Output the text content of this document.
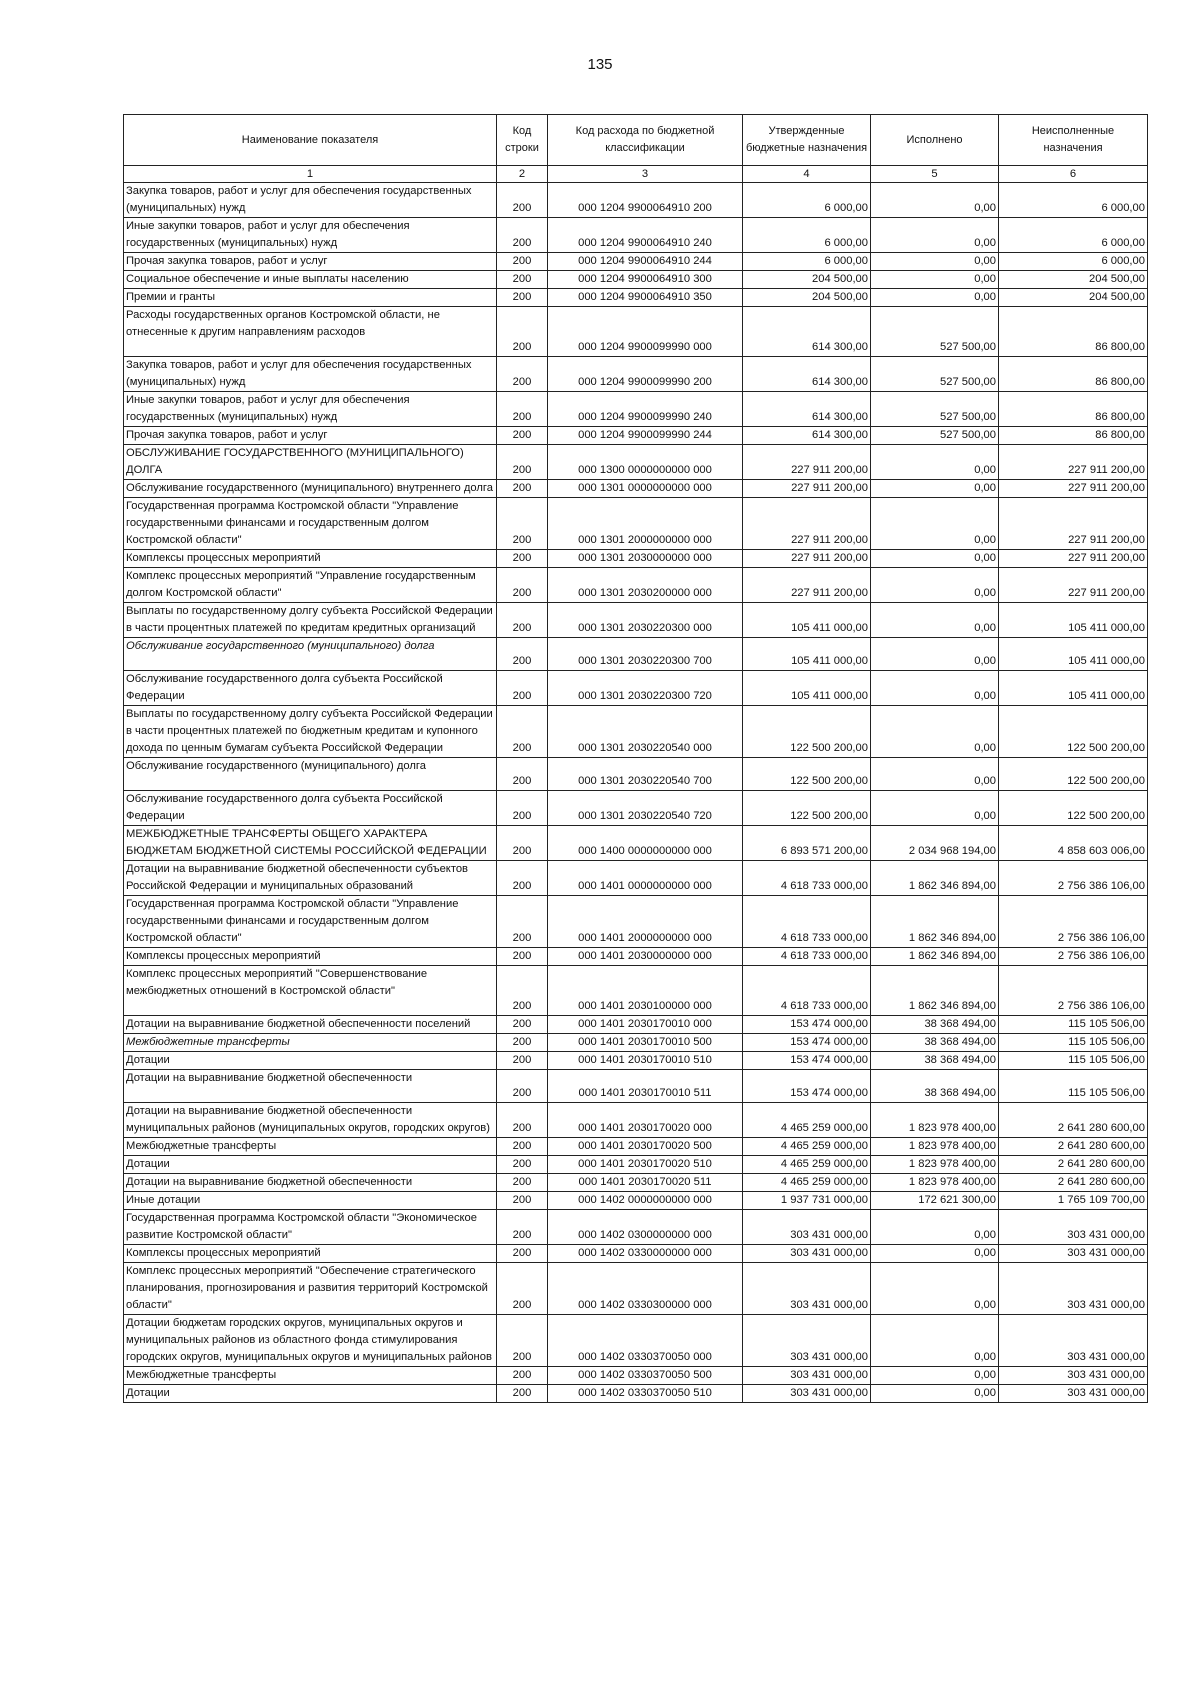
135
Наименование показателя	Код строки	Код расхода по бюджетной классификации	Утвержденные бюджетные назначения	Исполнено	Неисполненные назначения
1	2	3	4	5	6
Закупка товаров, работ и услуг для обеспечения государственных (муниципальных) нужд	200	000 1204 9900064910 200	6 000,00	0,00	6 000,00
Иные закупки товаров, работ и услуг для обеспечения государственных (муниципальных) нужд	200	000 1204 9900064910 240	6 000,00	0,00	6 000,00
Прочая закупка товаров, работ и услуг	200	000 1204 9900064910 244	6 000,00	0,00	6 000,00
Социальное обеспечение и иные выплаты населению	200	000 1204 9900064910 300	204 500,00	0,00	204 500,00
Премии и гранты	200	000 1204 9900064910 350	204 500,00	0,00	204 500,00
Расходы государственных органов Костромской области, не отнесенные к другим направлениям расходов	200	000 1204 9900099990 000	614 300,00	527 500,00	86 800,00
Закупка товаров, работ и услуг для обеспечения государственных (муниципальных) нужд	200	000 1204 9900099990 200	614 300,00	527 500,00	86 800,00
Иные закупки товаров, работ и услуг для обеспечения государственных (муниципальных) нужд	200	000 1204 9900099990 240	614 300,00	527 500,00	86 800,00
Прочая закупка товаров, работ и услуг	200	000 1204 9900099990 244	614 300,00	527 500,00	86 800,00
ОБСЛУЖИВАНИЕ ГОСУДАРСТВЕННОГО (МУНИЦИПАЛЬНОГО) ДОЛГА	200	000 1300 0000000000 000	227 911 200,00	0,00	227 911 200,00
Обслуживание государственного (муниципального) внутреннего долга	200	000 1301 0000000000 000	227 911 200,00	0,00	227 911 200,00
Государственная программа Костромской области "Управление государственными финансами и государственным долгом Костромской области"	200	000 1301 2000000000 000	227 911 200,00	0,00	227 911 200,00
Комплексы процессных мероприятий	200	000 1301 2030000000 000	227 911 200,00	0,00	227 911 200,00
Комплекс процессных мероприятий "Управление государственным долгом Костромской области"	200	000 1301 2030200000 000	227 911 200,00	0,00	227 911 200,00
Выплаты по государственному долгу субъекта Российской Федерации в части процентных платежей по кредитам кредитных организаций	200	000 1301 2030220300 000	105 411 000,00	0,00	105 411 000,00
Обслуживание государственного (муниципального) долга	200	000 1301 2030220300 700	105 411 000,00	0,00	105 411 000,00
Обслуживание государственного долга субъекта Российской Федерации	200	000 1301 2030220300 720	105 411 000,00	0,00	105 411 000,00
Выплаты по государственному долгу субъекта Российской Федерации в части процентных платежей по бюджетным кредитам и купонного дохода по ценным бумагам субъекта Российской Федерации	200	000 1301 2030220540 000	122 500 200,00	0,00	122 500 200,00
Обслуживание государственного (муниципального) долга	200	000 1301 2030220540 700	122 500 200,00	0,00	122 500 200,00
Обслуживание государственного долга субъекта Российской Федерации	200	000 1301 2030220540 720	122 500 200,00	0,00	122 500 200,00
МЕЖБЮДЖЕТНЫЕ ТРАНСФЕРТЫ ОБЩЕГО ХАРАКТЕРА БЮДЖЕТАМ БЮДЖЕТНОЙ СИСТЕМЫ РОССИЙСКОЙ ФЕДЕРАЦИИ	200	000 1400 0000000000 000	6 893 571 200,00	2 034 968 194,00	4 858 603 006,00
Дотации на выравнивание бюджетной обеспеченности субъектов Российской Федерации и муниципальных образований	200	000 1401 0000000000 000	4 618 733 000,00	1 862 346 894,00	2 756 386 106,00
Государственная программа Костромской области "Управление государственными финансами и государственным долгом Костромской области"	200	000 1401 2000000000 000	4 618 733 000,00	1 862 346 894,00	2 756 386 106,00
Комплексы процессных мероприятий	200	000 1401 2030000000 000	4 618 733 000,00	1 862 346 894,00	2 756 386 106,00
Комплекс процессных мероприятий "Совершенствование межбюджетных отношений в Костромской области"	200	000 1401 2030100000 000	4 618 733 000,00	1 862 346 894,00	2 756 386 106,00
Дотации на выравнивание бюджетной обеспеченности поселений	200	000 1401 2030170010 000	153 474 000,00	38 368 494,00	115 105 506,00
Межбюджетные трансферты	200	000 1401 2030170010 500	153 474 000,00	38 368 494,00	115 105 506,00
Дотации	200	000 1401 2030170010 510	153 474 000,00	38 368 494,00	115 105 506,00
Дотации на выравнивание бюджетной обеспеченности	200	000 1401 2030170010 511	153 474 000,00	38 368 494,00	115 105 506,00
Дотации на выравнивание бюджетной обеспеченности муниципальных районов (муниципальных округов, городских округов)	200	000 1401 2030170020 000	4 465 259 000,00	1 823 978 400,00	2 641 280 600,00
Межбюджетные трансферты	200	000 1401 2030170020 500	4 465 259 000,00	1 823 978 400,00	2 641 280 600,00
Дотации	200	000 1401 2030170020 510	4 465 259 000,00	1 823 978 400,00	2 641 280 600,00
Дотации на выравнивание бюджетной обеспеченности	200	000 1401 2030170020 511	4 465 259 000,00	1 823 978 400,00	2 641 280 600,00
Иные дотации	200	000 1402 0000000000 000	1 937 731 000,00	172 621 300,00	1 765 109 700,00
Государственная программа Костромской области "Экономическое развитие Костромской области"	200	000 1402 0300000000 000	303 431 000,00	0,00	303 431 000,00
Комплексы процессных мероприятий	200	000 1402 0330000000 000	303 431 000,00	0,00	303 431 000,00
Комплекс процессных мероприятий "Обеспечение стратегического планирования, прогнозирования и развития территорий Костромской области"	200	000 1402 0330300000 000	303 431 000,00	0,00	303 431 000,00
Дотации бюджетам городских округов, муниципальных округов и муниципальных районов из областного фонда стимулирования городских округов, муниципальных округов и муниципальных районов	200	000 1402 0330370050 000	303 431 000,00	0,00	303 431 000,00
Межбюджетные трансферты	200	000 1402 0330370050 500	303 431 000,00	0,00	303 431 000,00
Дотации	200	000 1402 0330370050 510	303 431 000,00	0,00	303 431 000,00
